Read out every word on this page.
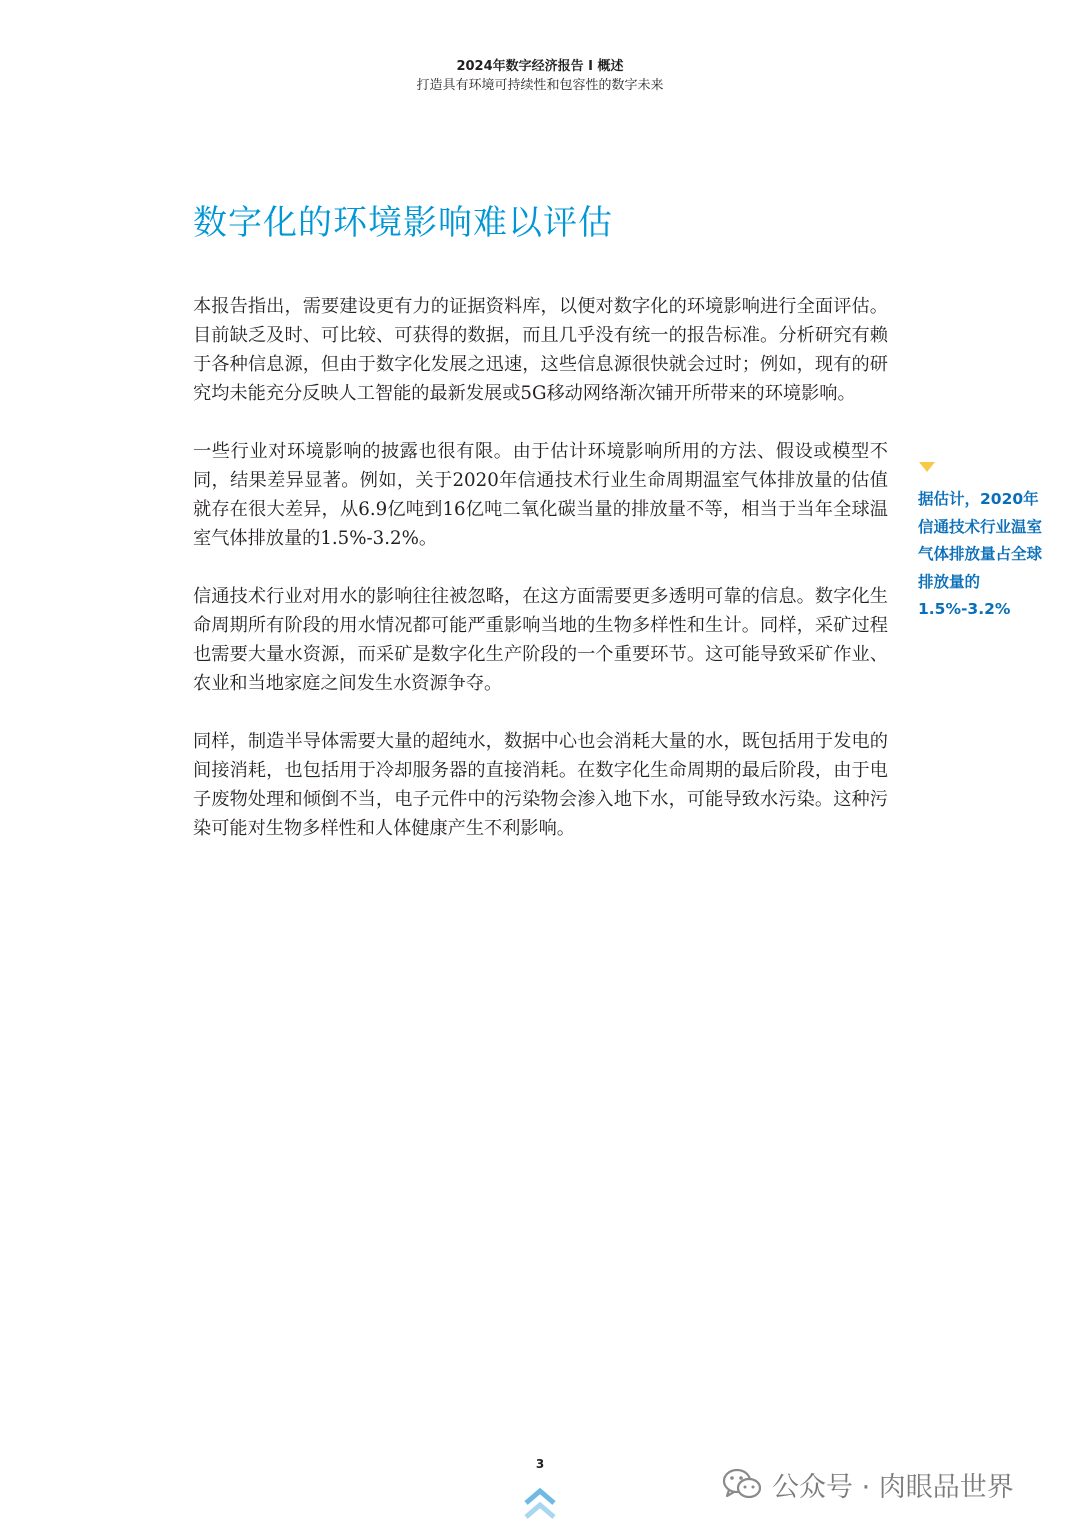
2024年数字经济报告 I 概述
打造具有环境可持续性和包容性的数字未来
数字化的环境影响难以评估

本报告指出，需要建设更有力的证据资料库，以便对数字化的环境影响进行全面评估。目前缺乏及时、可比较、可获得的数据，而且几乎没有统一的报告标准。分析研究有赖于各种信息源，但由于数字化发展之迅速，这些信息源很快就会过时；例如，现有的研究均未能充分反映人工智能的最新发展或5G移动网络渐次铺开所带来的环境影响。

一些行业对环境影响的披露也很有限。由于估计环境影响所用的方法、假设或模型不同，结果差异显著。例如，关于2020年信通技术行业生命周期温室气体排放量的估值就存在很大差异，从6.9亿吨到16亿吨二氧化碳当量的排放量不等，相当于当年全球温室气体排放量的1.5%-3.2%。

信通技术行业对用水的影响往往被忽略，在这方面需要更多透明可靠的信息。数字化生命周期所有阶段的用水情况都可能严重影响当地的生物多样性和生计。同样，采矿过程也需要大量水资源，而采矿是数字化生产阶段的一个重要环节。这可能导致采矿作业、农业和当地家庭之间发生水资源争夺。

同样，制造半导体需要大量的超纯水，数据中心也会消耗大量的水，既包括用于发电的间接消耗，也包括用于冷却服务器的直接消耗。在数字化生命周期的最后阶段，由于电子废物处理和倾倒不当，电子元件中的污染物会渗入地下水，可能导致水污染。这种污染可能对生物多样性和人体健康产生不利影响。

据估计，2020年信通技术行业温室气体排放量占全球排放量的1.5%-3.2%
3
公众号 · 肉眼品世界
